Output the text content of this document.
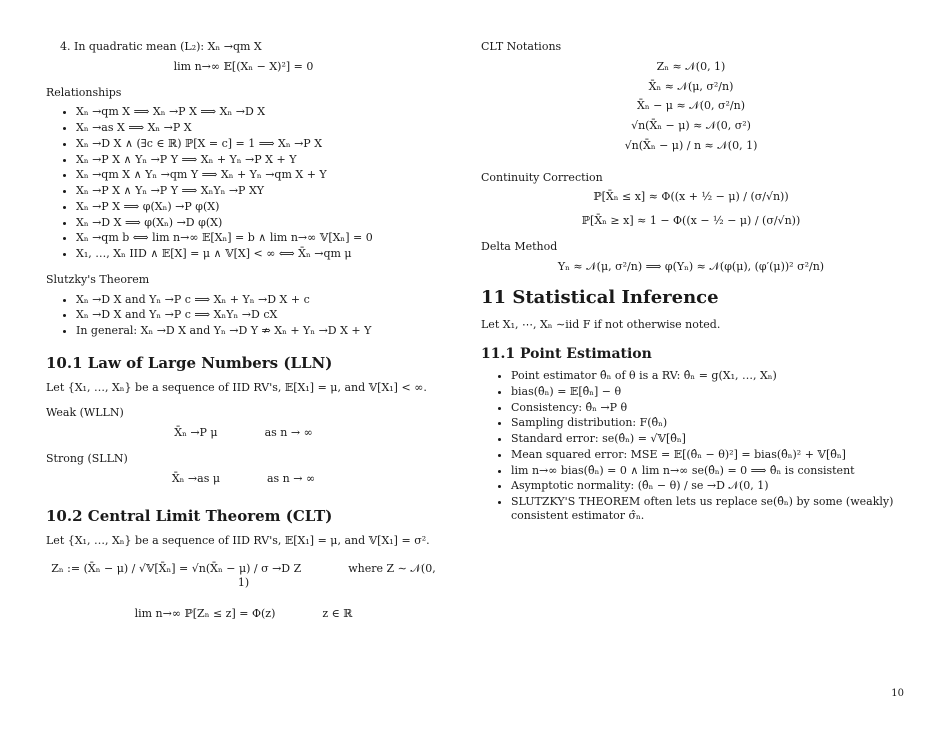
4. In quadratic mean (L₂): Xₙ →qm X
lim n→∞ 𝔼[(Xₙ − X)²] = 0
Relationships
• Xₙ →qm X ⟹ Xₙ →P X ⟹ Xₙ →D X
• Xₙ →as X ⟹ Xₙ →P X
• Xₙ →D X ∧ (∃c ∈ ℝ) ℙ[X = c] = 1 ⟹ Xₙ →P X
• Xₙ →P X ∧ Yₙ →P Y ⟹ Xₙ + Yₙ →P X + Y
• Xₙ →qm X ∧ Yₙ →qm Y ⟹ Xₙ + Yₙ →qm X + Y
• Xₙ →P X ∧ Yₙ →P Y ⟹ XₙYₙ →P XY
• Xₙ →P X ⟹ φ(Xₙ) →P φ(X)
• Xₙ →D X ⟹ φ(Xₙ) →D φ(X)
• Xₙ →qm b ⟺ lim n→∞ 𝔼[Xₙ] = b ∧ lim n→∞ 𝕍[Xₙ] = 0
• X₁, …, Xₙ IID ∧ 𝔼[X] = μ ∧ 𝕍[X] < ∞ ⟺ X̄ₙ →qm μ
Slutzky's Theorem
• Xₙ →D X and Yₙ →P c ⟹ Xₙ + Yₙ →D X + c
• Xₙ →D X and Yₙ →P c ⟹ XₙYₙ →D cX
• In general: Xₙ →D X and Yₙ →D Y ⇏ Xₙ + Yₙ →D X + Y
10.1 Law of Large Numbers (LLN)
Let {X₁, …, Xₙ} be a sequence of IID RV's, 𝔼[X₁] = μ, and 𝕍[X₁] < ∞.
Weak (WLLN)
X̄ₙ →P μ	as n → ∞
Strong (SLLN)
X̄ₙ →as μ	as n → ∞
10.2 Central Limit Theorem (CLT)
Let {X₁, …, Xₙ} be a sequence of IID RV's, 𝔼[X₁] = μ, and 𝕍[X₁] = σ².
Zₙ := (X̄ₙ − μ) / √𝕍[X̄ₙ] = √n(X̄ₙ − μ) / σ →D Z	where Z ∼ 𝒩(0, 1)
lim n→∞ ℙ[Zₙ ≤ z] = Φ(z)	z ∈ ℝ
CLT Notations
Zₙ ≈ 𝒩(0, 1)
X̄ₙ ≈ 𝒩(μ, σ²/n)
X̄ₙ − μ ≈ 𝒩(0, σ²/n)
√n(X̄ₙ − μ) ≈ 𝒩(0, σ²)
√n(X̄ₙ − μ) / n ≈ 𝒩(0, 1)
Continuity Correction
ℙ[X̄ₙ ≤ x] ≈ Φ((x + ½ − μ) / (σ/√n))
ℙ[X̄ₙ ≥ x] ≈ 1 − Φ((x − ½ − μ) / (σ/√n))
Delta Method
Yₙ ≈ 𝒩(μ, σ²/n) ⟹ φ(Yₙ) ≈ 𝒩(φ(μ), (φ′(μ))² σ²/n)
11 Statistical Inference
Let X₁, ⋯, Xₙ ∼iid F if not otherwise noted.
11.1 Point Estimation
• Point estimator θ̂ₙ of θ is a RV: θ̂ₙ = g(X₁, …, Xₙ)
• bias(θ̂ₙ) = 𝔼[θ̂ₙ] − θ
• Consistency: θ̂ₙ →P θ
• Sampling distribution: F(θ̂ₙ)
• Standard error: se(θ̂ₙ) = √𝕍[θ̂ₙ]
• Mean squared error: MSE = 𝔼[(θ̂ₙ − θ)²] = bias(θ̂ₙ)² + 𝕍[θ̂ₙ]
• lim n→∞ bias(θ̂ₙ) = 0 ∧ lim n→∞ se(θ̂ₙ) = 0 ⟹ θ̂ₙ is consistent
• Asymptotic normality: (θ̂ₙ − θ) / se →D 𝒩(0, 1)
• SLUTZKY'S THEOREM often lets us replace se(θ̂ₙ) by some (weakly) consistent estimator σ̂ₙ.
10
